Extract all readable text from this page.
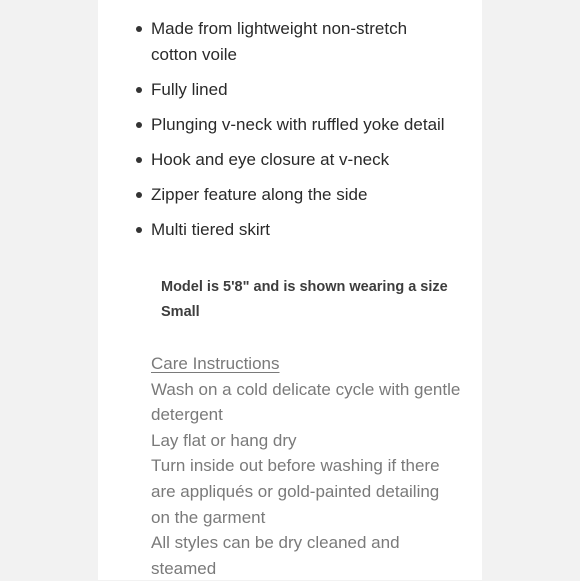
Made from lightweight non-stretch cotton voile
Fully lined
Plunging v-neck with ruffled yoke detail
Hook and eye closure at v-neck
Zipper feature along the side
Multi tiered skirt
Model is 5'8" and is shown wearing a size Small
Care Instructions
Wash on a cold delicate cycle with gentle detergent
Lay flat or hang dry
Turn inside out before washing if there are appliqués or gold-painted detailing on the garment
All styles can be dry cleaned and steamed
